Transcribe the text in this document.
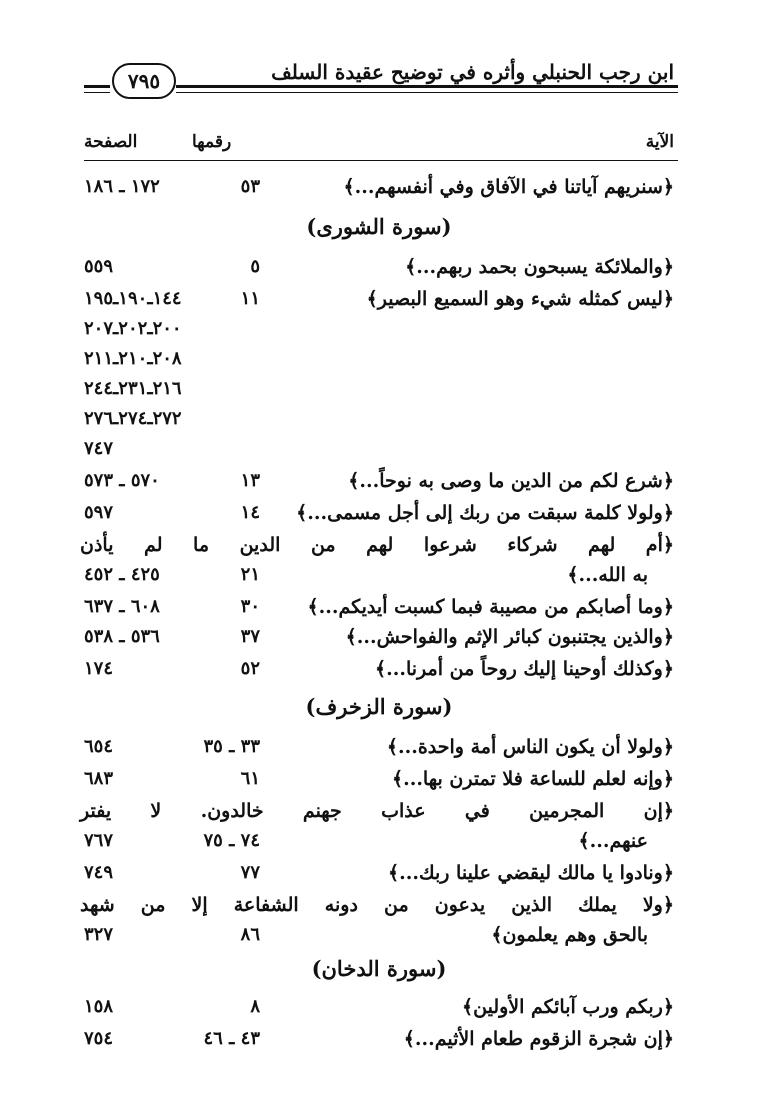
ابن رجب الحنبلي وأثره في توضيح عقيدة السلف
٧٩٥
الآية
رقمها
الصفحة
﴿سنريهم آياتنا في الآفاق وفي أنفسهم...﴾
٥٣
١٧٢ ـ ١٨٦
(سورة الشورى)
﴿والملائكة يسبحون بحمد ربهم...﴾
٥
٥٥٩
﴿ليس كمثله شيء وهو السميع البصير﴾
١١
١٤٤ـ١٩٠ـ١٩٥
٢٠٠ـ٢٠٢ـ٢٠٧
٢٠٨ـ٢١٠ـ٢١١
٢١٦ـ٢٣١ـ٢٤٤
٢٧٢ـ٢٧٤ـ٢٧٦
٧٤٧
﴿شرع لكم من الدين ما وصى به نوحاً...﴾
١٣
٥٧٠ ـ ٥٧٣
﴿ولولا كلمة سبقت من ربك إلى أجل مسمى...﴾
١٤
٥٩٧
﴿أم لهم شركاء شرعوا لهم من الدين ما لم يأذن
به الله...﴾
٢١
٤٢٥ ـ ٤٥٢
﴿وما أصابكم من مصيبة فبما كسبت أيديكم...﴾
٣٠
٦٠٨ ـ ٦٣٧
﴿والذين يجتنبون كبائر الإثم والفواحش...﴾
٣٧
٥٣٦ ـ ٥٣٨
﴿وكذلك أوحينا إليك روحاً من أمرنا...﴾
٥٢
١٧٤
(سورة الزخرف)
﴿ولولا أن يكون الناس أمة واحدة...﴾
٣٣ ـ ٣٥
٦٥٤
﴿وإنه لعلم للساعة فلا تمترن بها...﴾
٦١
٦٨٣
﴿إن المجرمين في عذاب جهنم خالدون. لا يفتر
عنهم...﴾
٧٤ ـ ٧٥
٧٦٧
﴿ونادوا يا مالك ليقضي علينا ربك...﴾
٧٧
٧٤٩
﴿ولا يملك الذين يدعون من دونه الشفاعة إلا من شهد
بالحق وهم يعلمون﴾
٨٦
٣٢٧
(سورة الدخان)
﴿ربكم ورب آبائكم الأولين﴾
٨
١٥٨
﴿إن شجرة الزقوم طعام الأثيم...﴾
٤٣ ـ ٤٦
٧٥٤
